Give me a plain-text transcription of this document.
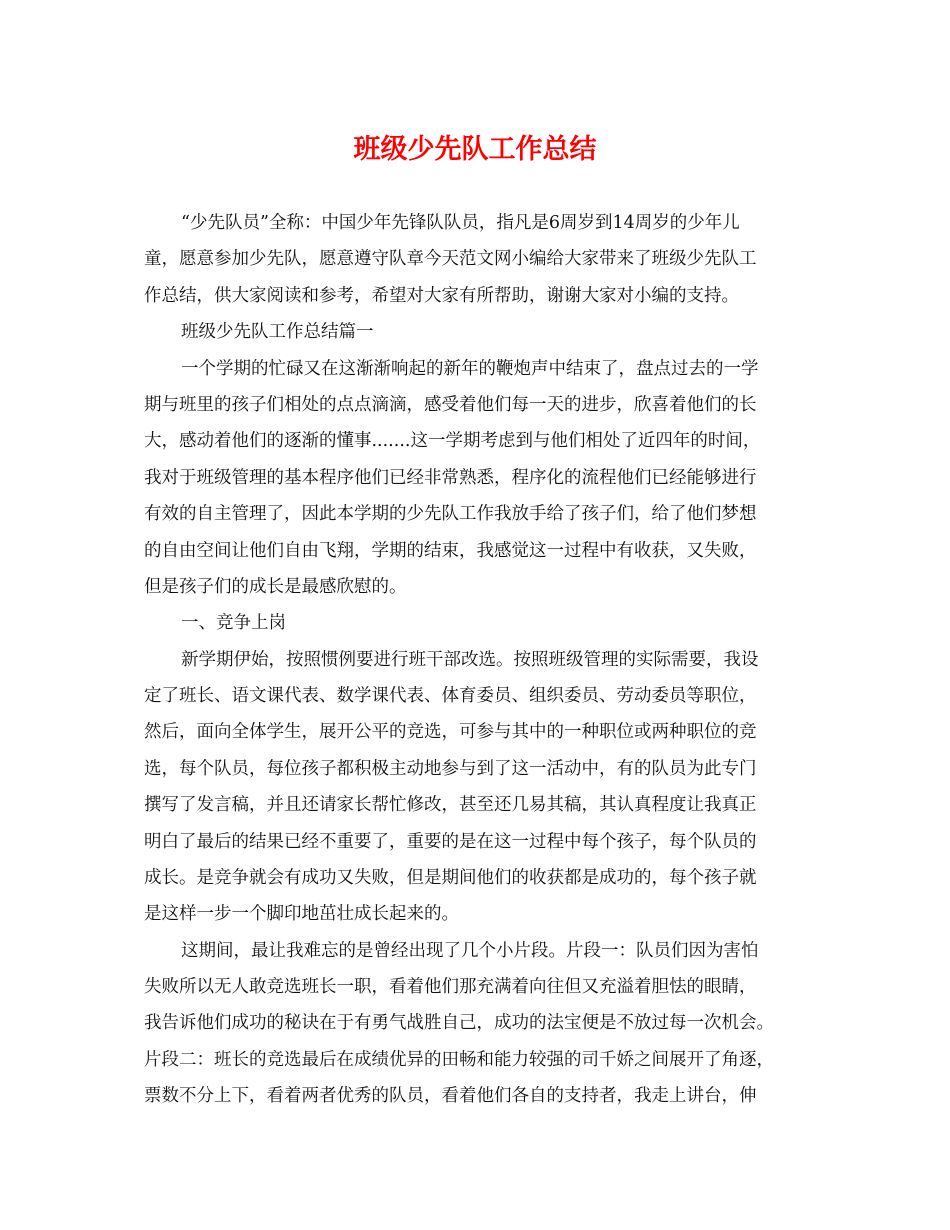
班级少先队工作总结

“少先队员”全称：中国少年先锋队队员，指凡是6周岁到14周岁的少年儿

童，愿意参加少先队，愿意遵守队章今天范文网小编给大家带来了班级少先队工

作总结，供大家阅读和参考，希望对大家有所帮助，谢谢大家对小编的支持。

班级少先队工作总结篇一

一个学期的忙碌又在这渐渐响起的新年的鞭炮声中结束了，盘点过去的一学

期与班里的孩子们相处的点点滴滴，感受着他们每一天的进步，欣喜着他们的长

大，感动着他们的逐渐的懂事.......这一学期考虑到与他们相处了近四年的时间，

我对于班级管理的基本程序他们已经非常熟悉，程序化的流程他们已经能够进行

有效的自主管理了，因此本学期的少先队工作我放手给了孩子们，给了他们梦想

的自由空间让他们自由飞翔，学期的结束，我感觉这一过程中有收获，又失败，

但是孩子们的成长是最感欣慰的。

一、竞争上岗

新学期伊始，按照惯例要进行班干部改选。按照班级管理的实际需要，我设

定了班长、语文课代表、数学课代表、体育委员、组织委员、劳动委员等职位，

然后，面向全体学生，展开公平的竞选，可参与其中的一种职位或两种职位的竞

选，每个队员，每位孩子都积极主动地参与到了这一活动中，有的队员为此专门

撰写了发言稿，并且还请家长帮忙修改，甚至还几易其稿，其认真程度让我真正

明白了最后的结果已经不重要了，重要的是在这一过程中每个孩子，每个队员的

成长。是竞争就会有成功又失败，但是期间他们的收获都是成功的，每个孩子就

是这样一步一个脚印地茁壮成长起来的。

这期间，最让我难忘的是曾经出现了几个小片段。片段一：队员们因为害怕

失败所以无人敢竞选班长一职，看着他们那充满着向往但又充溢着胆怯的眼睛，

我告诉他们成功的秘诀在于有勇气战胜自己，成功的法宝便是不放过每一次机会。

片段二：班长的竞选最后在成绩优异的田畅和能力较强的司千娇之间展开了角逐，

票数不分上下，看着两者优秀的队员，看着他们各自的支持者，我走上讲台，伸
